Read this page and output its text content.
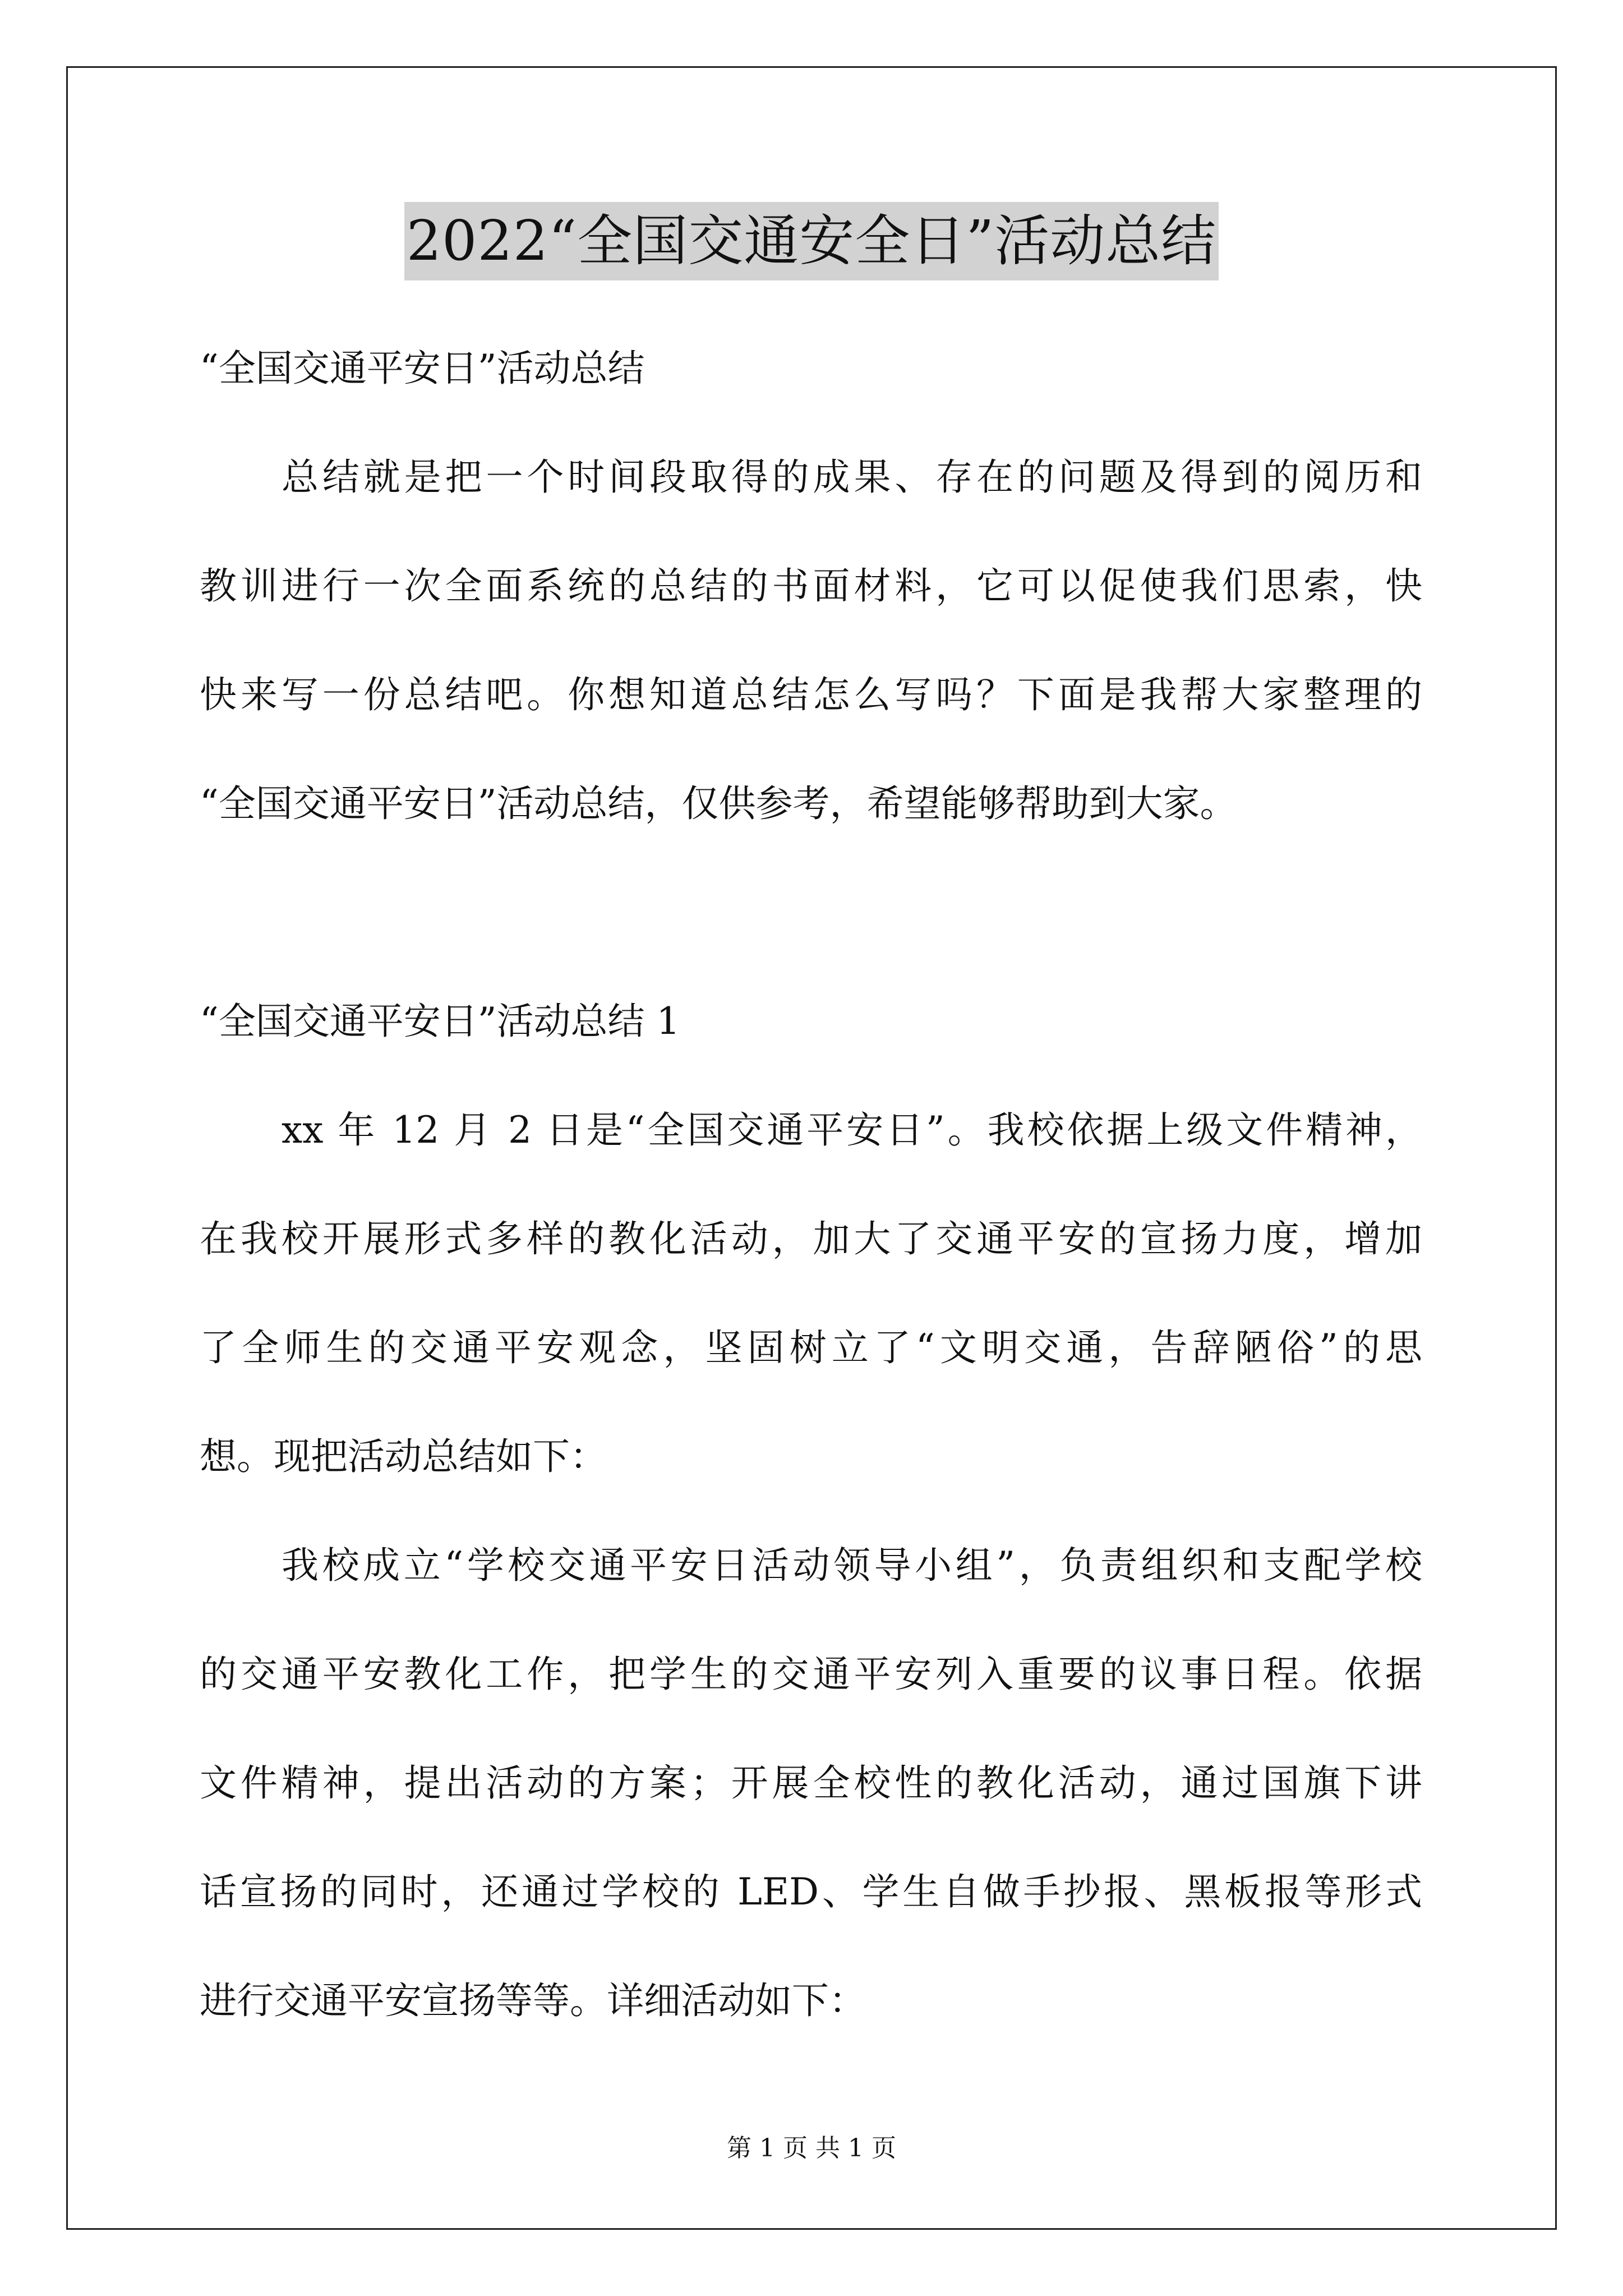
2022“全国交通安全日”活动总结
“全国交通平安日”活动总结
总结就是把一个时间段取得的成果、存在的问题及得到的阅历和
教训进行一次全面系统的总结的书面材料，它可以促使我们思索，快
快来写一份总结吧。你想知道总结怎么写吗？下面是我帮大家整理的
“全国交通平安日”活动总结，仅供参考，希望能够帮助到大家。
“全国交通平安日”活动总结 1
xx 年 12 月 2 日是“全国交通平安日”。我校依据上级文件精神，
在我校开展形式多样的教化活动，加大了交通平安的宣扬力度，增加
了全师生的交通平安观念，坚固树立了“文明交通，告辞陋俗”的思
想。现把活动总结如下：
我校成立“学校交通平安日活动领导小组”，负责组织和支配学校
的交通平安教化工作，把学生的交通平安列入重要的议事日程。依据
文件精神，提出活动的方案；开展全校性的教化活动，通过国旗下讲
话宣扬的同时，还通过学校的 LED、学生自做手抄报、黑板报等形式
进行交通平安宣扬等等。详细活动如下：
第 1 页 共 1 页
